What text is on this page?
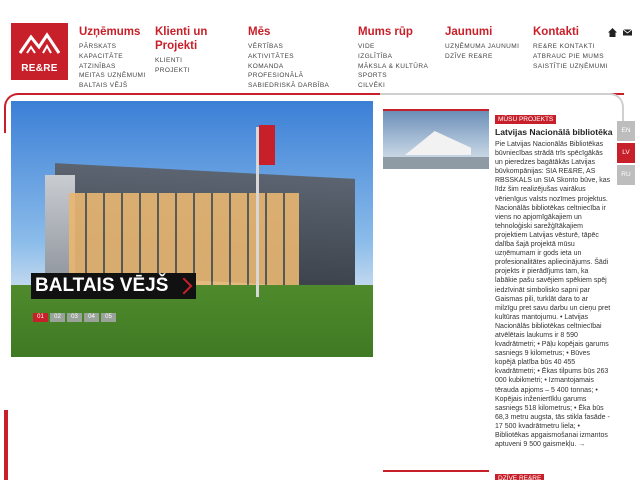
RE&RE
Uzņēmums
PĀRSKATS
KAPACITĀTE
ATZINĪBAS
MEITAS UZŅĒMUMI
BALTAIS VĒJŠ
Klienti un Projekti
KLIENTI
PROJEKTI
Mēs
VĒRTĪBAS
AKTIVITĀTES
KOMANDA
PROFESIONĀLĀ
SABIEDRISKĀ DARBĪBA
Mums rūp
VIDE
IZGLĪTĪBA
MĀKSLA & KULTŪRA
SPORTS
CILVĒKI
Jaunumi
UZŅĒMUMA JAUNUMI
DZĪVE RE&RE
Kontakti
RE&RE KONTAKTI
ATBRAUC PIE MUMS
SAISTĪTIE UZŅĒMUMI
BALTAIS VĒJŠ
01	02	03	04	05
MŪSU PROJEKTS
Latvijas Nacionālā bibliotēka
Pie Latvijas Nacionālās Bibliotēkas būvniecības strādā trīs spēcīgākās un pieredzes bagātākās Latvijas būvkompānijas: SIA RE&RE, AS RBSSKALS un SIA Skonto būve, kas līdz šim realizējušas vairākus vērienīgus valsts nozīmes projektus. Nacionālās bibliotēkas celtniecība ir viens no apjomīgākajiem un tehnoloģiski sarežģītākajiem projektiem Latvijas vēsturē, tāpēc dalība šajā projektā mūsu uzņēmumam ir gods ieta un profesionalitātes apliecinājums. Šādi projekts ir pierādījums tam, ka labākie pašu savējiem spēkiem spēj iedzīvināt simbolisko sapni par Gaismas pili, turklāt dara to ar milzīgu pret savu darbu un cieņu pret kultūras mantojumu. • Latvijas Nacionālās bibliotēkas celtniecībai atvēlētais laukums ir 8 590 kvadrātmetri; • Pāļu kopējais garums sasniegs 9 kilometrus; • Būves kopējā platība būs 40 455 kvadrātmetri; • Ēkas tilpums būs 263 000 kubikmetri; • Izmantojamais tērauda apjoms – 5 400 tonnas; • Kopējais inženiertīklu garums sasniegs 518 kilometrus; • Ēka būs 68,3 metru augsta, tās stikla fasāde - 17 500 kvadrātmetru liela; • Bibliotēkas apgaismošanai izmantos aptuveni 9 500 gaismekļu. →
DZĪVE RE&RE
EN
LV
RU
